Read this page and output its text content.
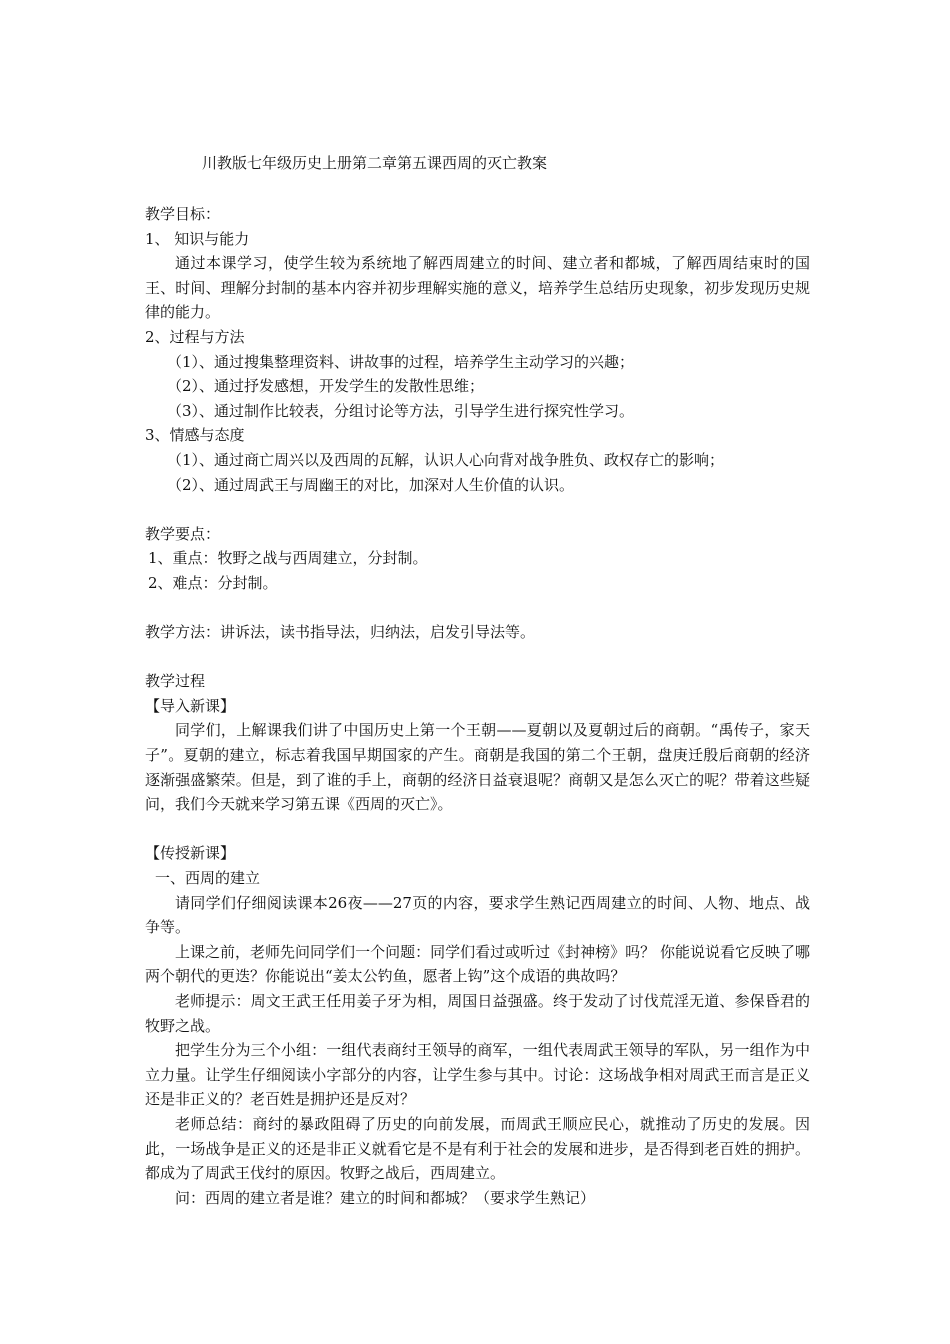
川教版七年级历史上册第二章第五课西周的灭亡教案
教学目标：
1、 知识与能力
通过本课学习，使学生较为系统地了解西周建立的时间、建立者和都城，了解西周结束时的国王、时间、理解分封制的基本内容并初步理解实施的意义，培养学生总结历史现象，初步发现历史规律的能力。
2、过程与方法
（1）、通过搜集整理资料、讲故事的过程，培养学生主动学习的兴趣；
（2）、通过抒发感想，开发学生的发散性思维；
（3）、通过制作比较表，分组讨论等方法，引导学生进行探究性学习。
3、情感与态度
（1）、通过商亡周兴以及西周的瓦解，认识人心向背对战争胜负、政权存亡的影响；
（2）、通过周武王与周幽王的对比，加深对人生价值的认识。
教学要点：
1、重点：牧野之战与西周建立，分封制。
2、难点：分封制。
教学方法：讲诉法，读书指导法，归纳法，启发引导法等。
教学过程
【导入新课】
同学们，上解课我们讲了中国历史上第一个王朝——夏朝以及夏朝过后的商朝。“禹传子，家天子”。夏朝的建立，标志着我国早期国家的产生。商朝是我国的第二个王朝，盘庚迁殷后商朝的经济逐渐强盛繁荣。但是，到了谁的手上，商朝的经济日益衰退呢？商朝又是怎么灭亡的呢？带着这些疑问，我们今天就来学习第五课《西周的灭亡》。
【传授新课】
一、西周的建立
请同学们仔细阅读课本26夜——27页的内容，要求学生熟记西周建立的时间、人物、地点、战争等。
上课之前，老师先问同学们一个问题：同学们看过或听过《封神榜》吗？ 你能说说看它反映了哪两个朝代的更迭？你能说出“姜太公钓鱼，愿者上钩”这个成语的典故吗？
老师提示：周文王武王任用姜子牙为相，周国日益强盛。终于发动了讨伐荒淫无道、参保昏君的牧野之战。
把学生分为三个小组：一组代表商纣王领导的商军，一组代表周武王领导的军队，另一组作为中立力量。让学生仔细阅读小字部分的内容，让学生参与其中。讨论：这场战争相对周武王而言是正义还是非正义的？老百姓是拥护还是反对？
老师总结：商纣的暴政阻碍了历史的向前发展，而周武王顺应民心，就推动了历史的发展。因此，一场战争是正义的还是非正义就看它是不是有利于社会的发展和进步，是否得到老百姓的拥护。都成为了周武王伐纣的原因。牧野之战后，西周建立。
问：西周的建立者是谁？建立的时间和都城？（要求学生熟记）
